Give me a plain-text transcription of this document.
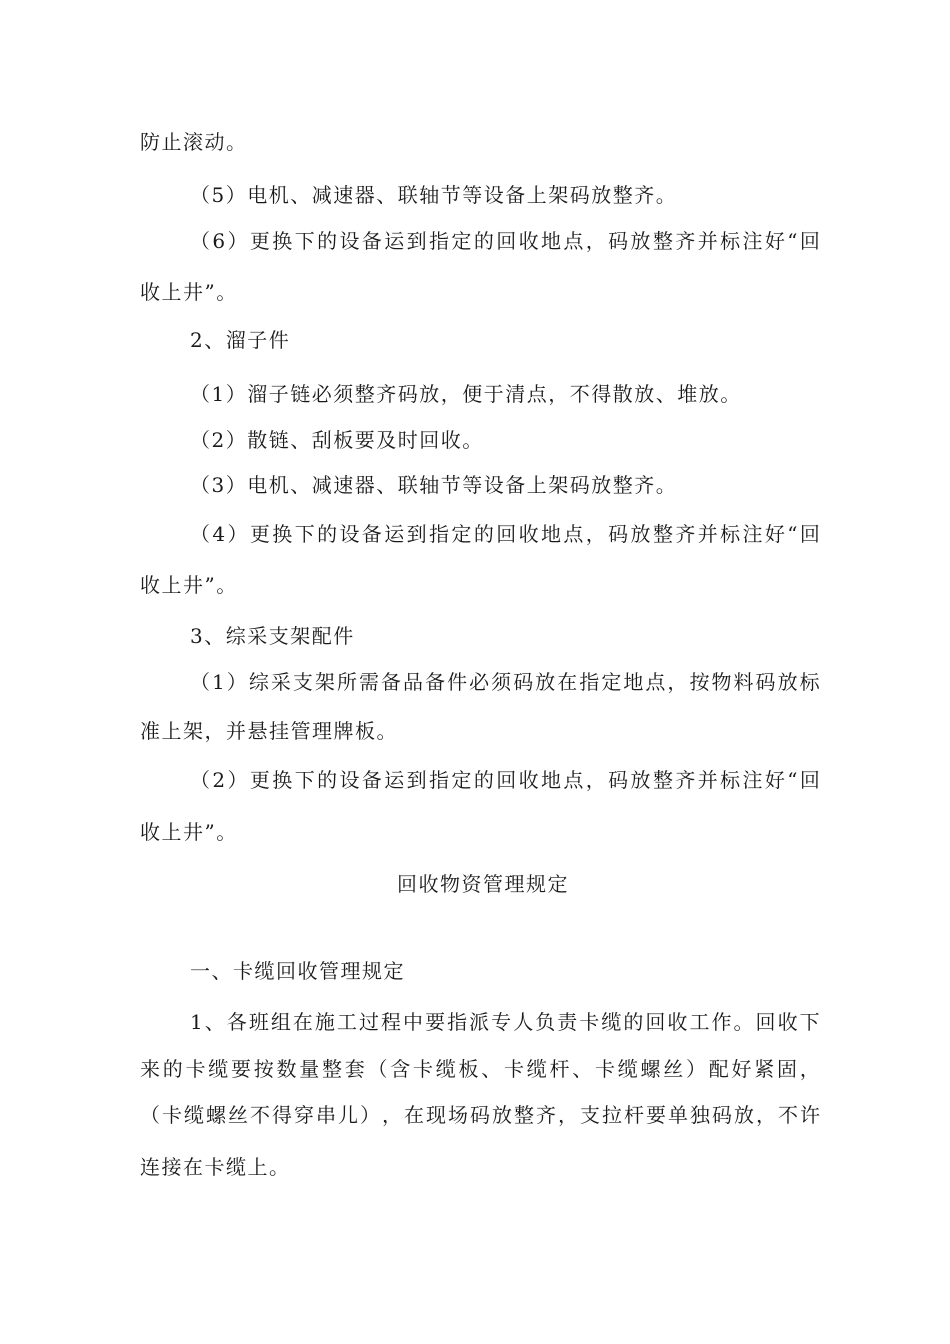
防止滚动。
（5）电机、减速器、联轴节等设备上架码放整齐。
（ 6 ） 更 换 下 的 设 备 运 到 指 定 的 回 收 地 点 ， 码 放 整 齐 并 标 注 好 “ 回
收上井”。
2、溜子件
（1）溜子链必须整齐码放，便于清点，不得散放、堆放。
（2）散链、刮板要及时回收。
（3）电机、减速器、联轴节等设备上架码放整齐。
（ 4 ） 更 换 下 的 设 备 运 到 指 定 的 回 收 地 点 ， 码 放 整 齐 并 标 注 好 “ 回
收上井”。
3、综采支架配件
（ 1 ） 综 采 支 架 所 需 备 品 备 件 必 须 码 放 在 指 定 地 点 ， 按 物 料 码 放 标
准上架，并悬挂管理牌板。
（ 2 ） 更 换 下 的 设 备 运 到 指 定 的 回 收 地 点 ， 码 放 整 齐 并 标 注 好 “ 回
收上井”。
回收物资管理规定
一、卡缆回收管理规定
1 、 各 班 组 在 施 工 过 程 中 要 指 派 专 人 负 责 卡 缆 的 回 收 工 作 。 回 收 下
来 的 卡 缆 要 按 数 量 整 套 （ 含 卡 缆 板 、 卡 缆 杆 、 卡 缆 螺 丝 ） 配 好 紧 固 ，
（ 卡 缆 螺 丝 不 得 穿 串 儿 ） ， 在 现 场 码 放 整 齐 ， 支 拉 杆 要 单 独 码 放 ， 不 许
连接在卡缆上。
